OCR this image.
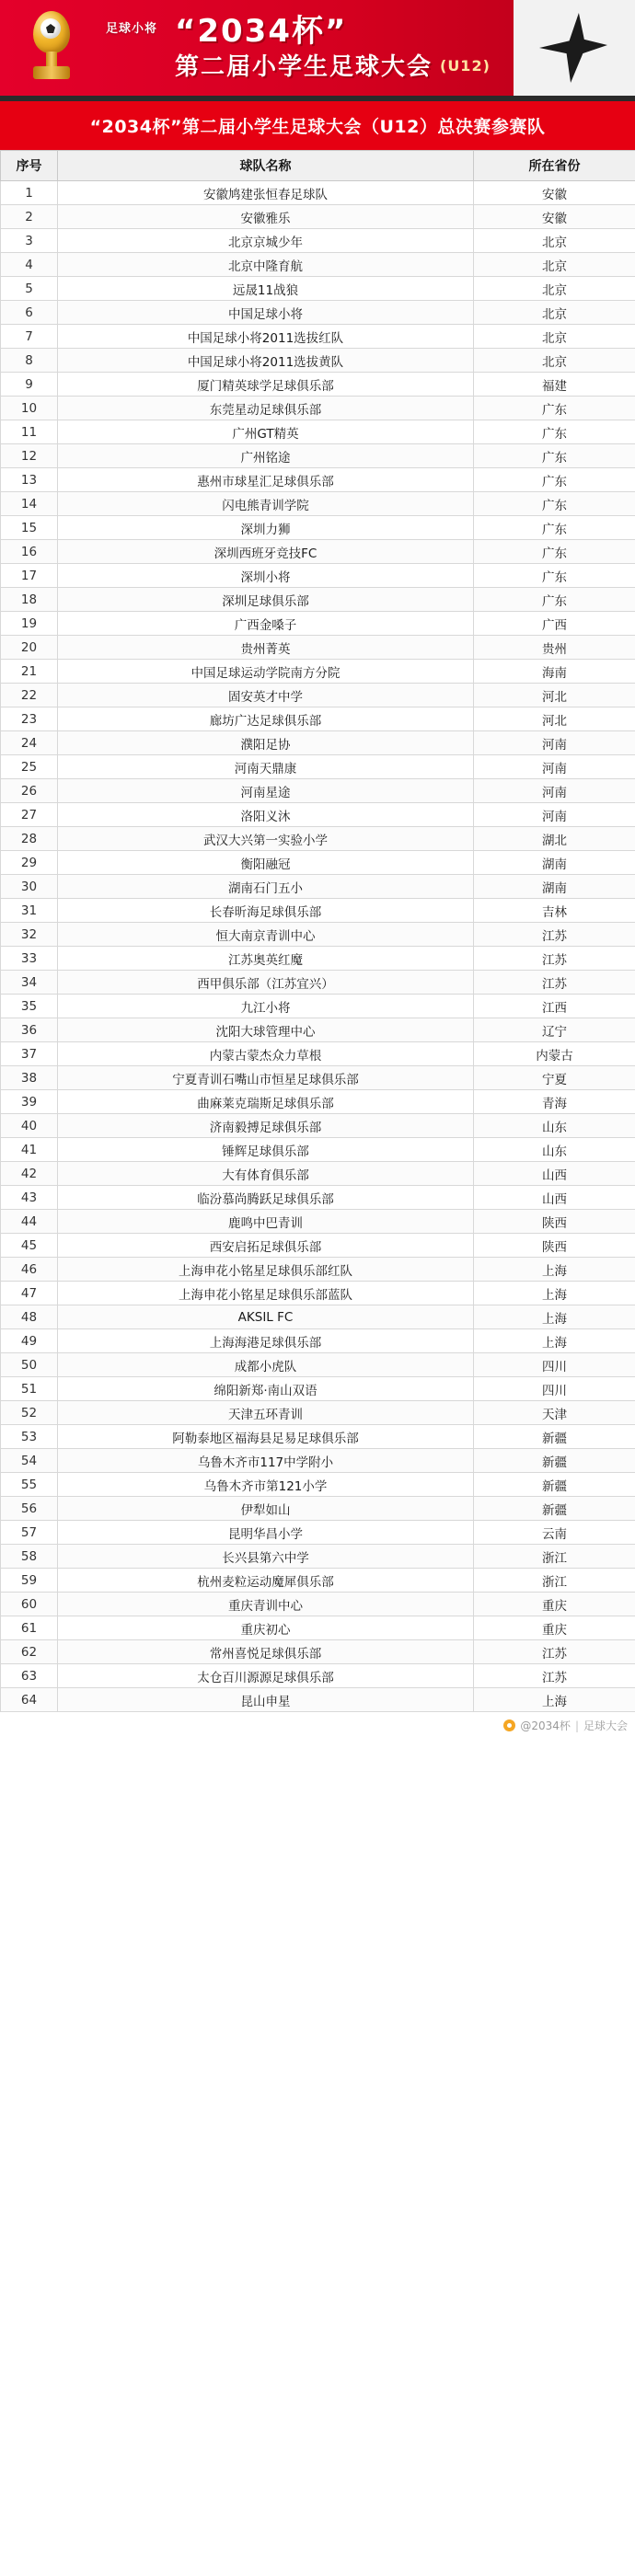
足球小将 “2034杯”
第二届小学生足球大会 (U12)
“2034杯”第二届小学生足球大会（U12）总决赛参赛队
序号	球队名称	所在省份
1	安徽鸠建张恒春足球队	安徽
2	安徽雅乐	安徽
3	北京京城少年	北京
4	北京中隆育航	北京
5	远晟11战狼	北京
6	中国足球小将	北京
7	中国足球小将2011选拔红队	北京
8	中国足球小将2011选拔黄队	北京
9	厦门精英球学足球俱乐部	福建
10	东莞星动足球俱乐部	广东
11	广州GT精英	广东
12	广州铭途	广东
13	惠州市球星汇足球俱乐部	广东
14	闪电熊青训学院	广东
15	深圳力狮	广东
16	深圳西班牙竞技FC	广东
17	深圳小将	广东
18	深圳足球俱乐部	广东
19	广西金嗓子	广西
20	贵州菁英	贵州
21	中国足球运动学院南方分院	海南
22	固安英才中学	河北
23	廊坊广达足球俱乐部	河北
24	濮阳足协	河南
25	河南天鼎康	河南
26	河南星途	河南
27	洛阳义沐	河南
28	武汉大兴第一实验小学	湖北
29	衡阳融冠	湖南
30	湖南石门五小	湖南
31	长春昕海足球俱乐部	吉林
32	恒大南京青训中心	江苏
33	江苏奥英红魔	江苏
34	西甲俱乐部（江苏宜兴）	江苏
35	九江小将	江西
36	沈阳大球管理中心	辽宁
37	内蒙古蒙杰众力草根	内蒙古
38	宁夏青训石嘴山市恒星足球俱乐部	宁夏
39	曲麻莱克瑞斯足球俱乐部	青海
40	济南毅搏足球俱乐部	山东
41	锤辉足球俱乐部	山东
42	大有体育俱乐部	山西
43	临汾慕尚腾跃足球俱乐部	山西
44	鹿鸣中巴青训	陕西
45	西安启拓足球俱乐部	陕西
46	上海申花小铭星足球俱乐部红队	上海
47	上海申花小铭星足球俱乐部蓝队	上海
48	AKSIL FC	上海
49	上海海港足球俱乐部	上海
50	成都小虎队	四川
51	绵阳新郑·南山双语	四川
52	天津五环青训	天津
53	阿勒泰地区福海县足易足球俱乐部	新疆
54	乌鲁木齐市117中学附小	新疆
55	乌鲁木齐市第121小学	新疆
56	伊犁如山	新疆
57	昆明华昌小学	云南
58	长兴县第六中学	浙江
59	杭州麦粒运动魔犀俱乐部	浙江
60	重庆青训中心	重庆
61	重庆初心	重庆
62	常州喜悦足球俱乐部	江苏
63	太仓百川源源足球俱乐部	江苏
64	昆山申星	上海
@2034杯 | 足球大会
